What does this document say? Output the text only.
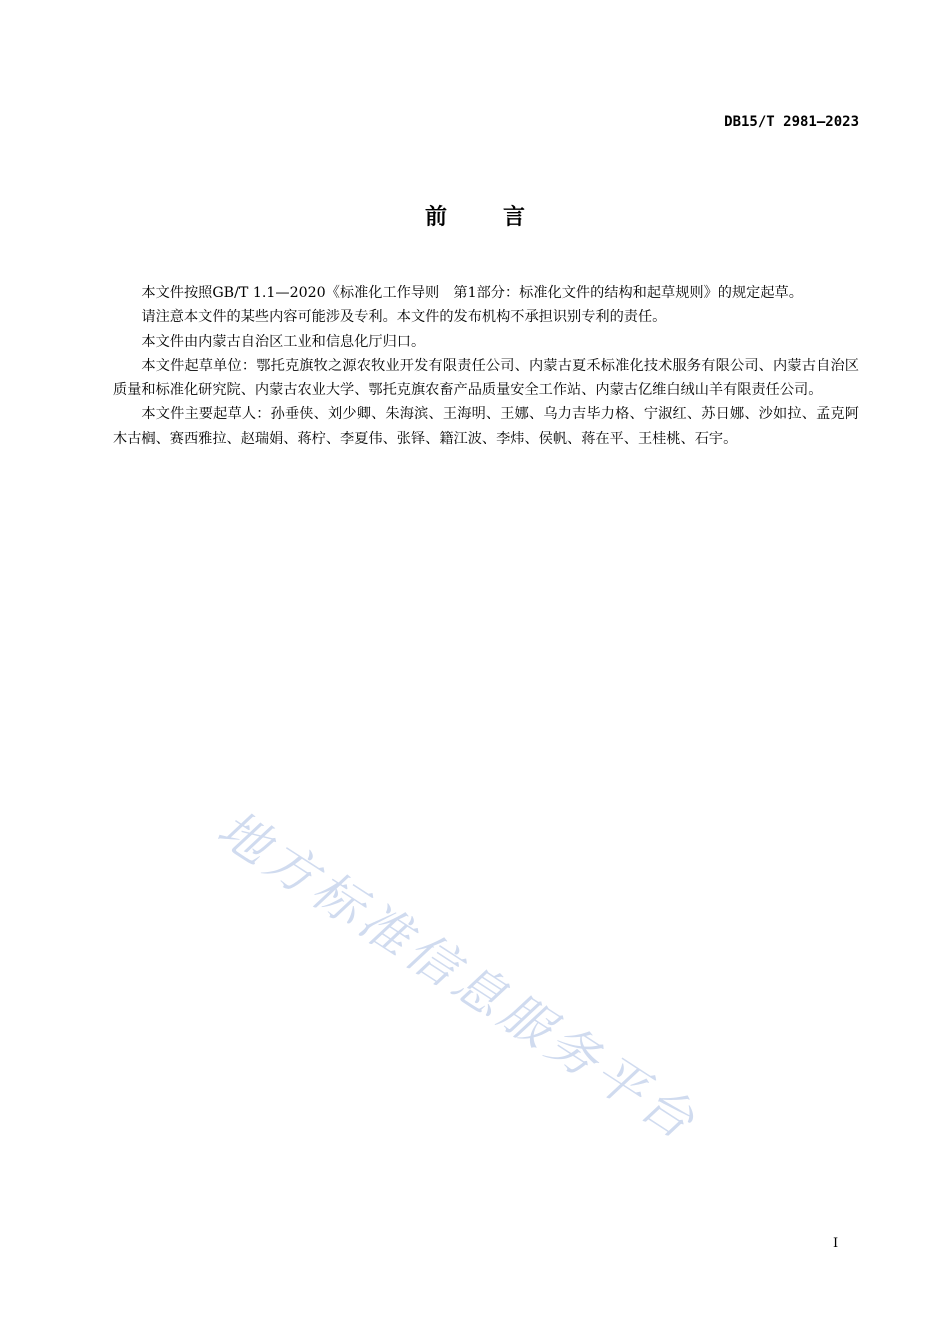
DB15/T 2981—2023
前	言

本文件按照GB/T 1.1—2020《标准化工作导则　第1部分：标准化文件的结构和起草规则》的规定起草。

请注意本文件的某些内容可能涉及专利。本文件的发布机构不承担识别专利的责任。

本文件由内蒙古自治区工业和信息化厅归口。

本文件起草单位：鄂托克旗牧之源农牧业开发有限责任公司、内蒙古夏禾标准化技术服务有限公司、内蒙古自治区质量和标准化研究院、内蒙古农业大学、鄂托克旗农畜产品质量安全工作站、内蒙古亿维白绒山羊有限责任公司。

本文件主要起草人：孙垂侠、刘少卿、朱海滨、王海明、王娜、乌力吉毕力格、宁淑红、苏日娜、沙如拉、孟克阿木古榈、赛西雅拉、赵瑞娟、蒋柠、李夏伟、张铎、籍江波、李炜、侯帆、蒋在平、王桂桃、石宇。

地方标准信息服务平台
I
